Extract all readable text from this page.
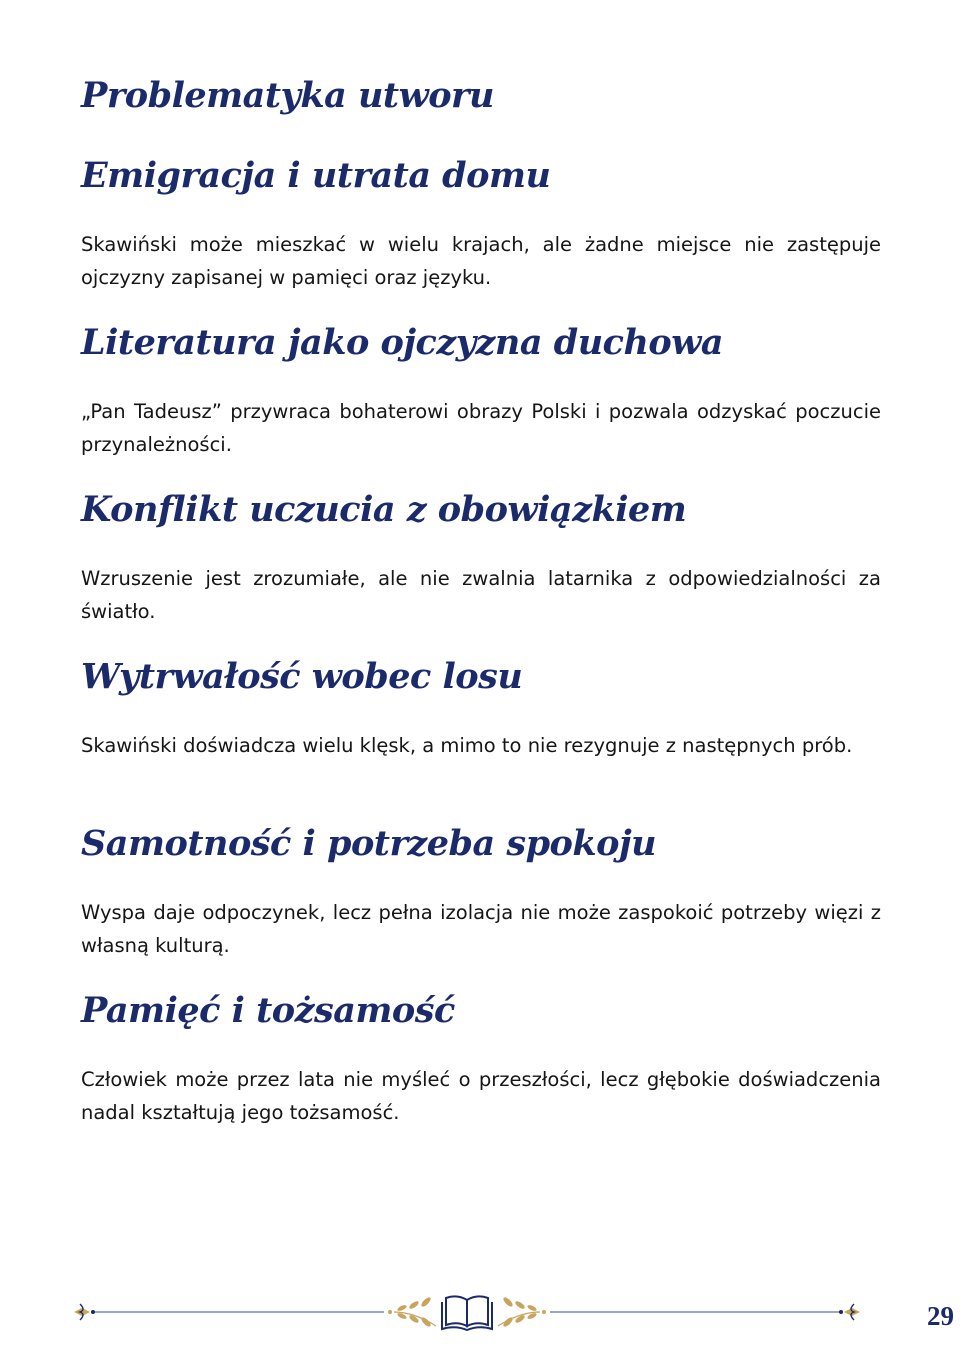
Problematyka utworu
Emigracja i utrata domu

Skawiński może mieszkać w wielu krajach, ale żadne miejsce nie zastępuje ojczyzny zapisanej w pamięci oraz języku.

Literatura jako ojczyzna duchowa

„Pan Tadeusz” przywraca bohaterowi obrazy Polski i pozwala odzyskać poczucie przynależności.

Konflikt uczucia z obowiązkiem

Wzruszenie jest zrozumiałe, ale nie zwalnia latarnika z odpowiedzialności za światło.

Wytrwałość wobec losu

Skawiński doświadcza wielu klęsk, a mimo to nie rezygnuje z następnych prób.

Samotność i potrzeba spokoju

Wyspa daje odpoczynek, lecz pełna izolacja nie może zaspokoić potrzeby więzi z własną kulturą.

Pamięć i tożsamość

Człowiek może przez lata nie myśleć o przeszłości, lecz głębokie doświadczenia nadal kształtują jego tożsamość.

29
